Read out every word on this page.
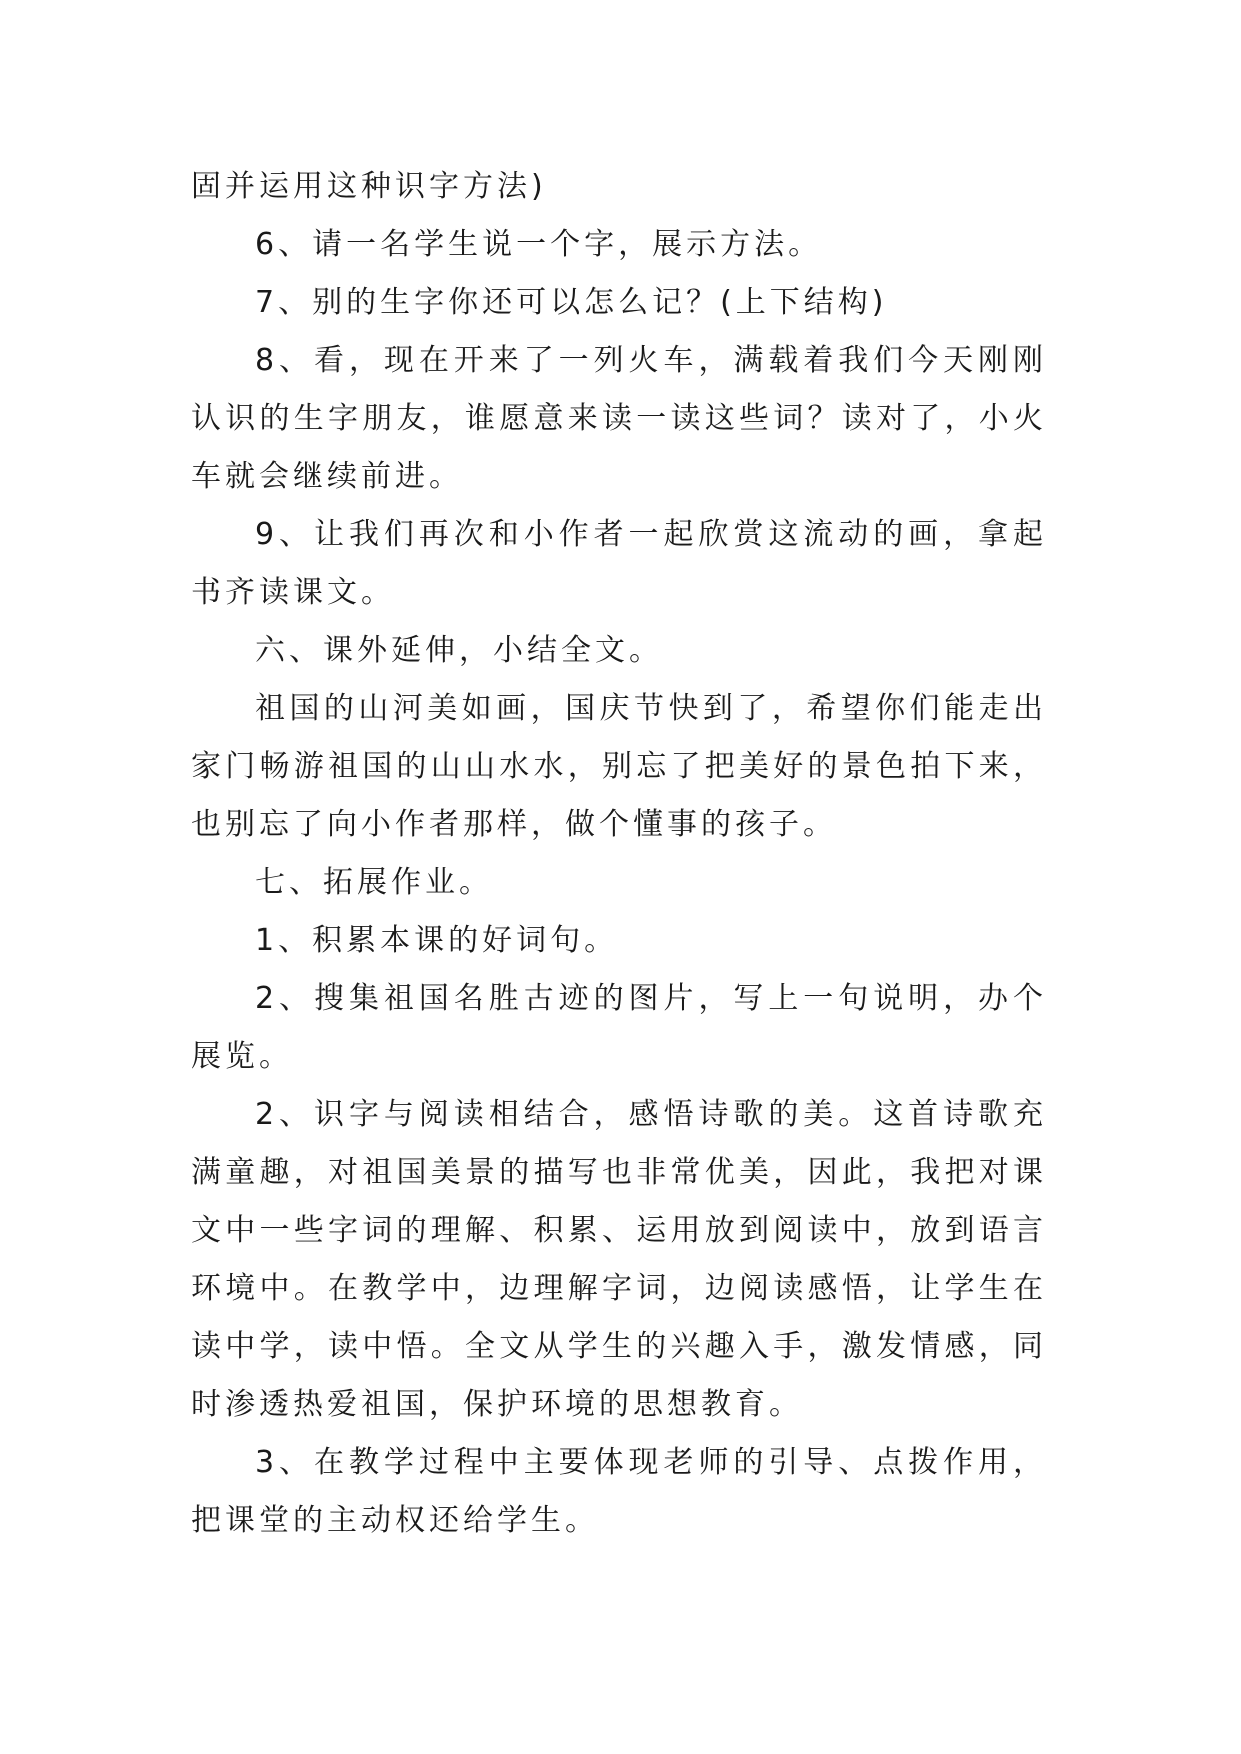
固并运用这种识字方法)

6、请一名学生说一个字，展示方法。

7、别的生字你还可以怎么记？(上下结构)

8、看，现在开来了一列火车，满载着我们今天刚刚认识的生字朋友，谁愿意来读一读这些词？读对了，小火车就会继续前进。

9、让我们再次和小作者一起欣赏这流动的画，拿起书齐读课文。

六、课外延伸，小结全文。

祖国的山河美如画，国庆节快到了，希望你们能走出家门畅游祖国的山山水水，别忘了把美好的景色拍下来，也别忘了向小作者那样，做个懂事的孩子。

七、拓展作业。

1、积累本课的好词句。

2、搜集祖国名胜古迹的图片，写上一句说明，办个展览。

2、识字与阅读相结合，感悟诗歌的美。这首诗歌充满童趣，对祖国美景的描写也非常优美，因此，我把对课文中一些字词的理解、积累、运用放到阅读中，放到语言环境中。在教学中，边理解字词，边阅读感悟，让学生在读中学，读中悟。全文从学生的兴趣入手，激发情感，同时渗透热爱祖国，保护环境的思想教育。

3、在教学过程中主要体现老师的引导、点拨作用，把课堂的主动权还给学生。
